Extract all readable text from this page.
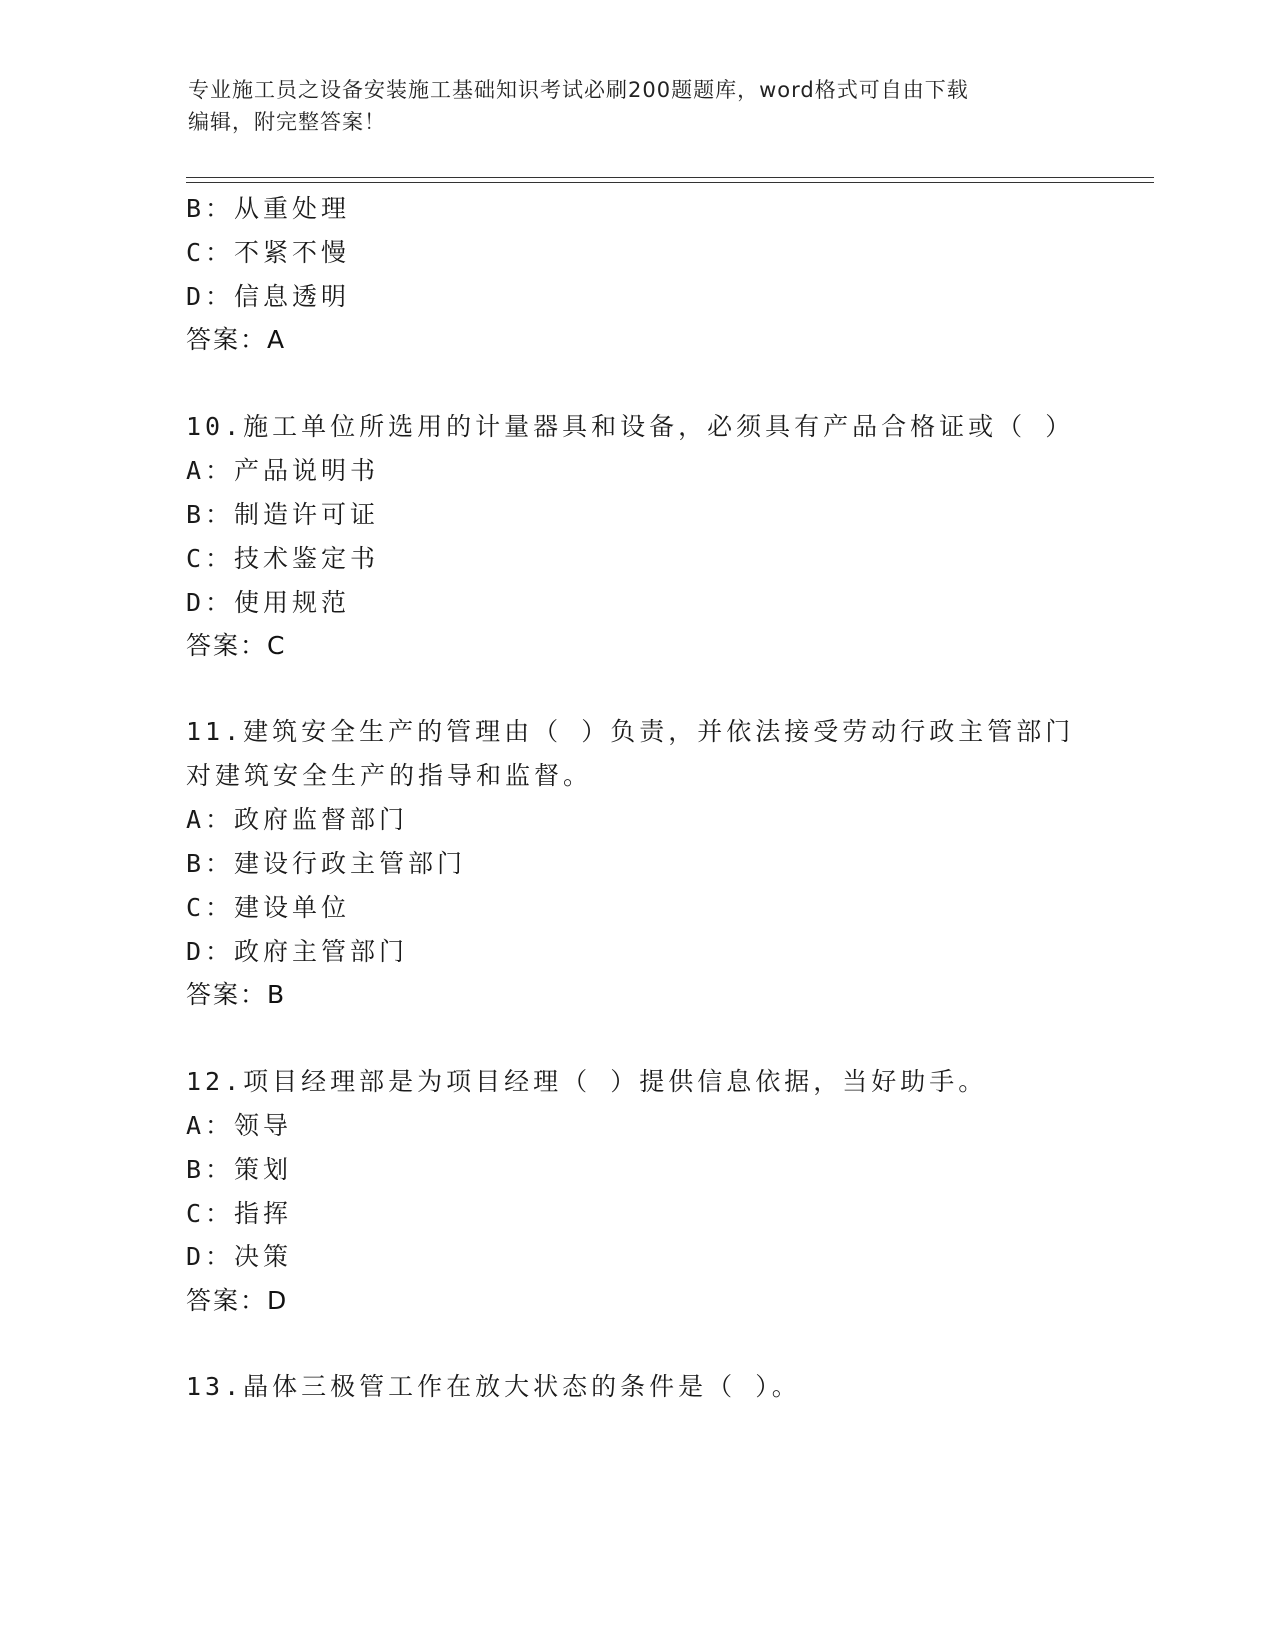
专业施工员之设备安装施工基础知识考试必刷200题题库，word格式可自由下载
编辑，附完整答案！
B：从重处理
C：不紧不慢
D：信息透明
答案：A
10.施工单位所选用的计量器具和设备，必须具有产品合格证或（ ）
A：产品说明书
B：制造许可证
C：技术鉴定书
D：使用规范
答案：C
11.建筑安全生产的管理由（ ）负责，并依法接受劳动行政主管部门
对建筑安全生产的指导和监督。
A：政府监督部门
B：建设行政主管部门
C：建设单位
D：政府主管部门
答案：B
12.项目经理部是为项目经理（ ）提供信息依据，当好助手。
A：领导
B：策划
C：指挥
D：决策
答案：D
13.晶体三极管工作在放大状态的条件是（ ）。
